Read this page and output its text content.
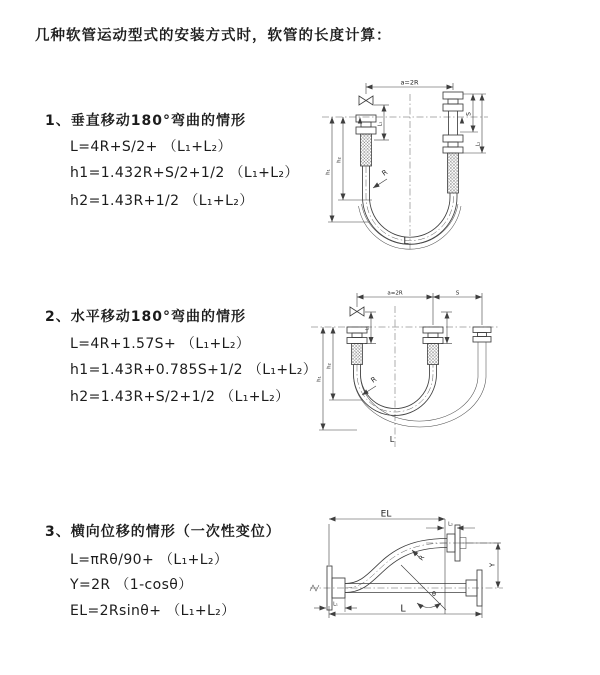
几种软管运动型式的安装方式时，软管的长度计算：
1、垂直移动180°弯曲的情形
L=4R+S/2+ （L₁+L₂）
h1=1.432R+S/2+1/2 （L₁+L₂）
h2=1.43R+1/2 （L₁+L₂）
2、水平移动180°弯曲的情形
L=4R+1.57S+ （L₁+L₂）
h1=1.43R+0.785S+1/2 （L₁+L₂）
h2=1.43R+S/2+1/2 （L₁+L₂）
3、横向位移的情形（一次性变位）
L=πRθ/90+ （L₁+L₂）
Y=2R （1-cosθ）
EL=2Rsinθ+ （L₁+L₂）
a=2R
h₁
h₂
L₁
S
L₂
R
L
a=2R	S
h₁
h₂
L₁
R
L
θ
EL
L₂
Y
R
L
L₁
